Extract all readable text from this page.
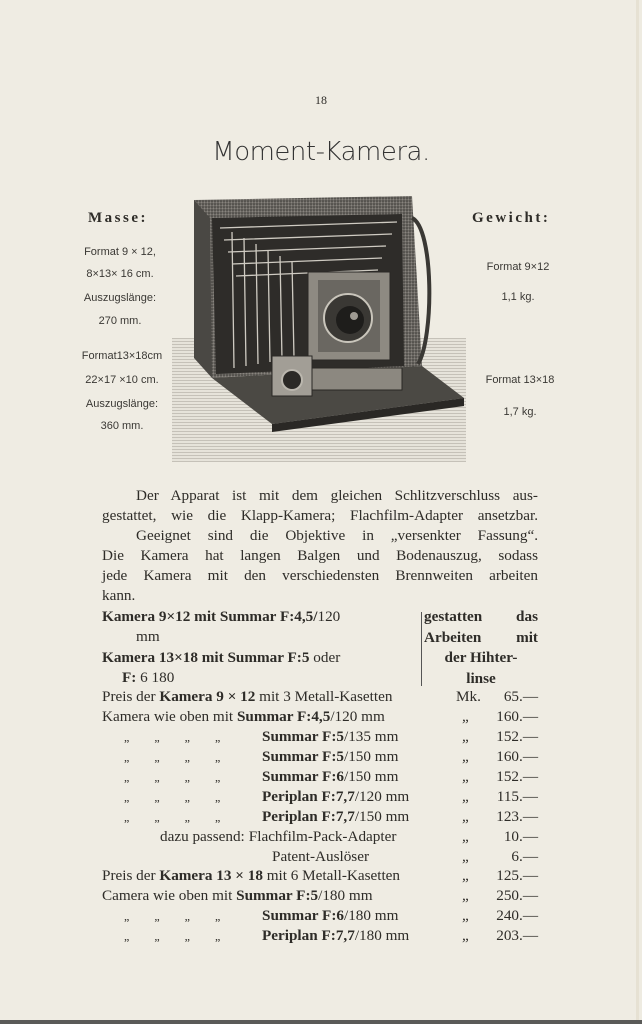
18
Moment-Kamera.
Masse:
Format 9 × 12,
8×13× 16 cm.
Auszugslänge:
270 mm.
Format13×18cm
22×17 ×10 cm.
Auszugslänge:
360 mm.
Gewicht:
Format 9×12
1,1 kg.
Format 13×18
1,7 kg.
Der Apparat ist mit dem gleichen Schlitzverschluss aus-
gestattet, wie die Klapp-Kamera; Flachfilm-Adapter ansetzbar.
Geeignet sind die Objektive in „versenkter Fassung“.
Die Kamera hat langen Balgen und Bodenauszug, sodass
jede Kamera mit den verschiedensten Brennweiten arbeiten
kann.
Kamera 9×12 mit Summar F:4,5/120
mm
Kamera 13×18 mit Summar F:5 oder
F: 6 180
gestatten das
Arbeiten mit
der Hihter-
linse
Preis der Kamera 9 × 12 mit 3 Metall-Kasetten	Mk.	65.—
Kamera wie oben mit Summar F:4,5/120 mm	„	160.—
„ „ „ „	Summar F:5/135 mm	„	152.—
„ „ „ „	Summar F:5/150 mm	„	160.—
„ „ „ „	Summar F:6/150 mm	„	152.—
„ „ „ „	Periplan F:7,7/120 mm	„	115.—
„ „ „ „	Periplan F:7,7/150 mm	„	123.—
dazu passend: Flachfilm-Pack-Adapter	„	10.—
Patent-Auslöser	„	6.—
Preis der Kamera 13 × 18 mit 6 Metall-Kasetten	„	125.—
Camera wie oben mit Summar F:5/180 mm	„	250.—
„ „ „ „	Summar F:6/180 mm	„	240.—
„ „ „ „	Periplan F:7,7/180 mm	„	203.—
